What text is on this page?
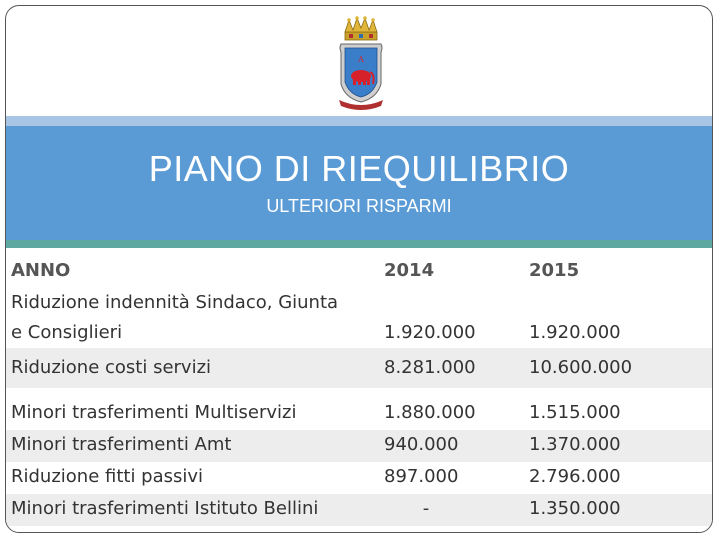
A
PIANO DI RIEQUILIBRIO
ULTERIORI RISPARMI
ANNO	2014	2015
Riduzione indennità Sindaco, Giunta
e Consiglieri	1.920.000	1.920.000
Riduzione costi servizi	8.281.000	10.600.000
Minori trasferimenti Multiservizi	1.880.000	1.515.000
Minori trasferimenti Amt	940.000	1.370.000
Riduzione fitti passivi	897.000	2.796.000
Minori trasferimenti Istituto Bellini	-	1.350.000
